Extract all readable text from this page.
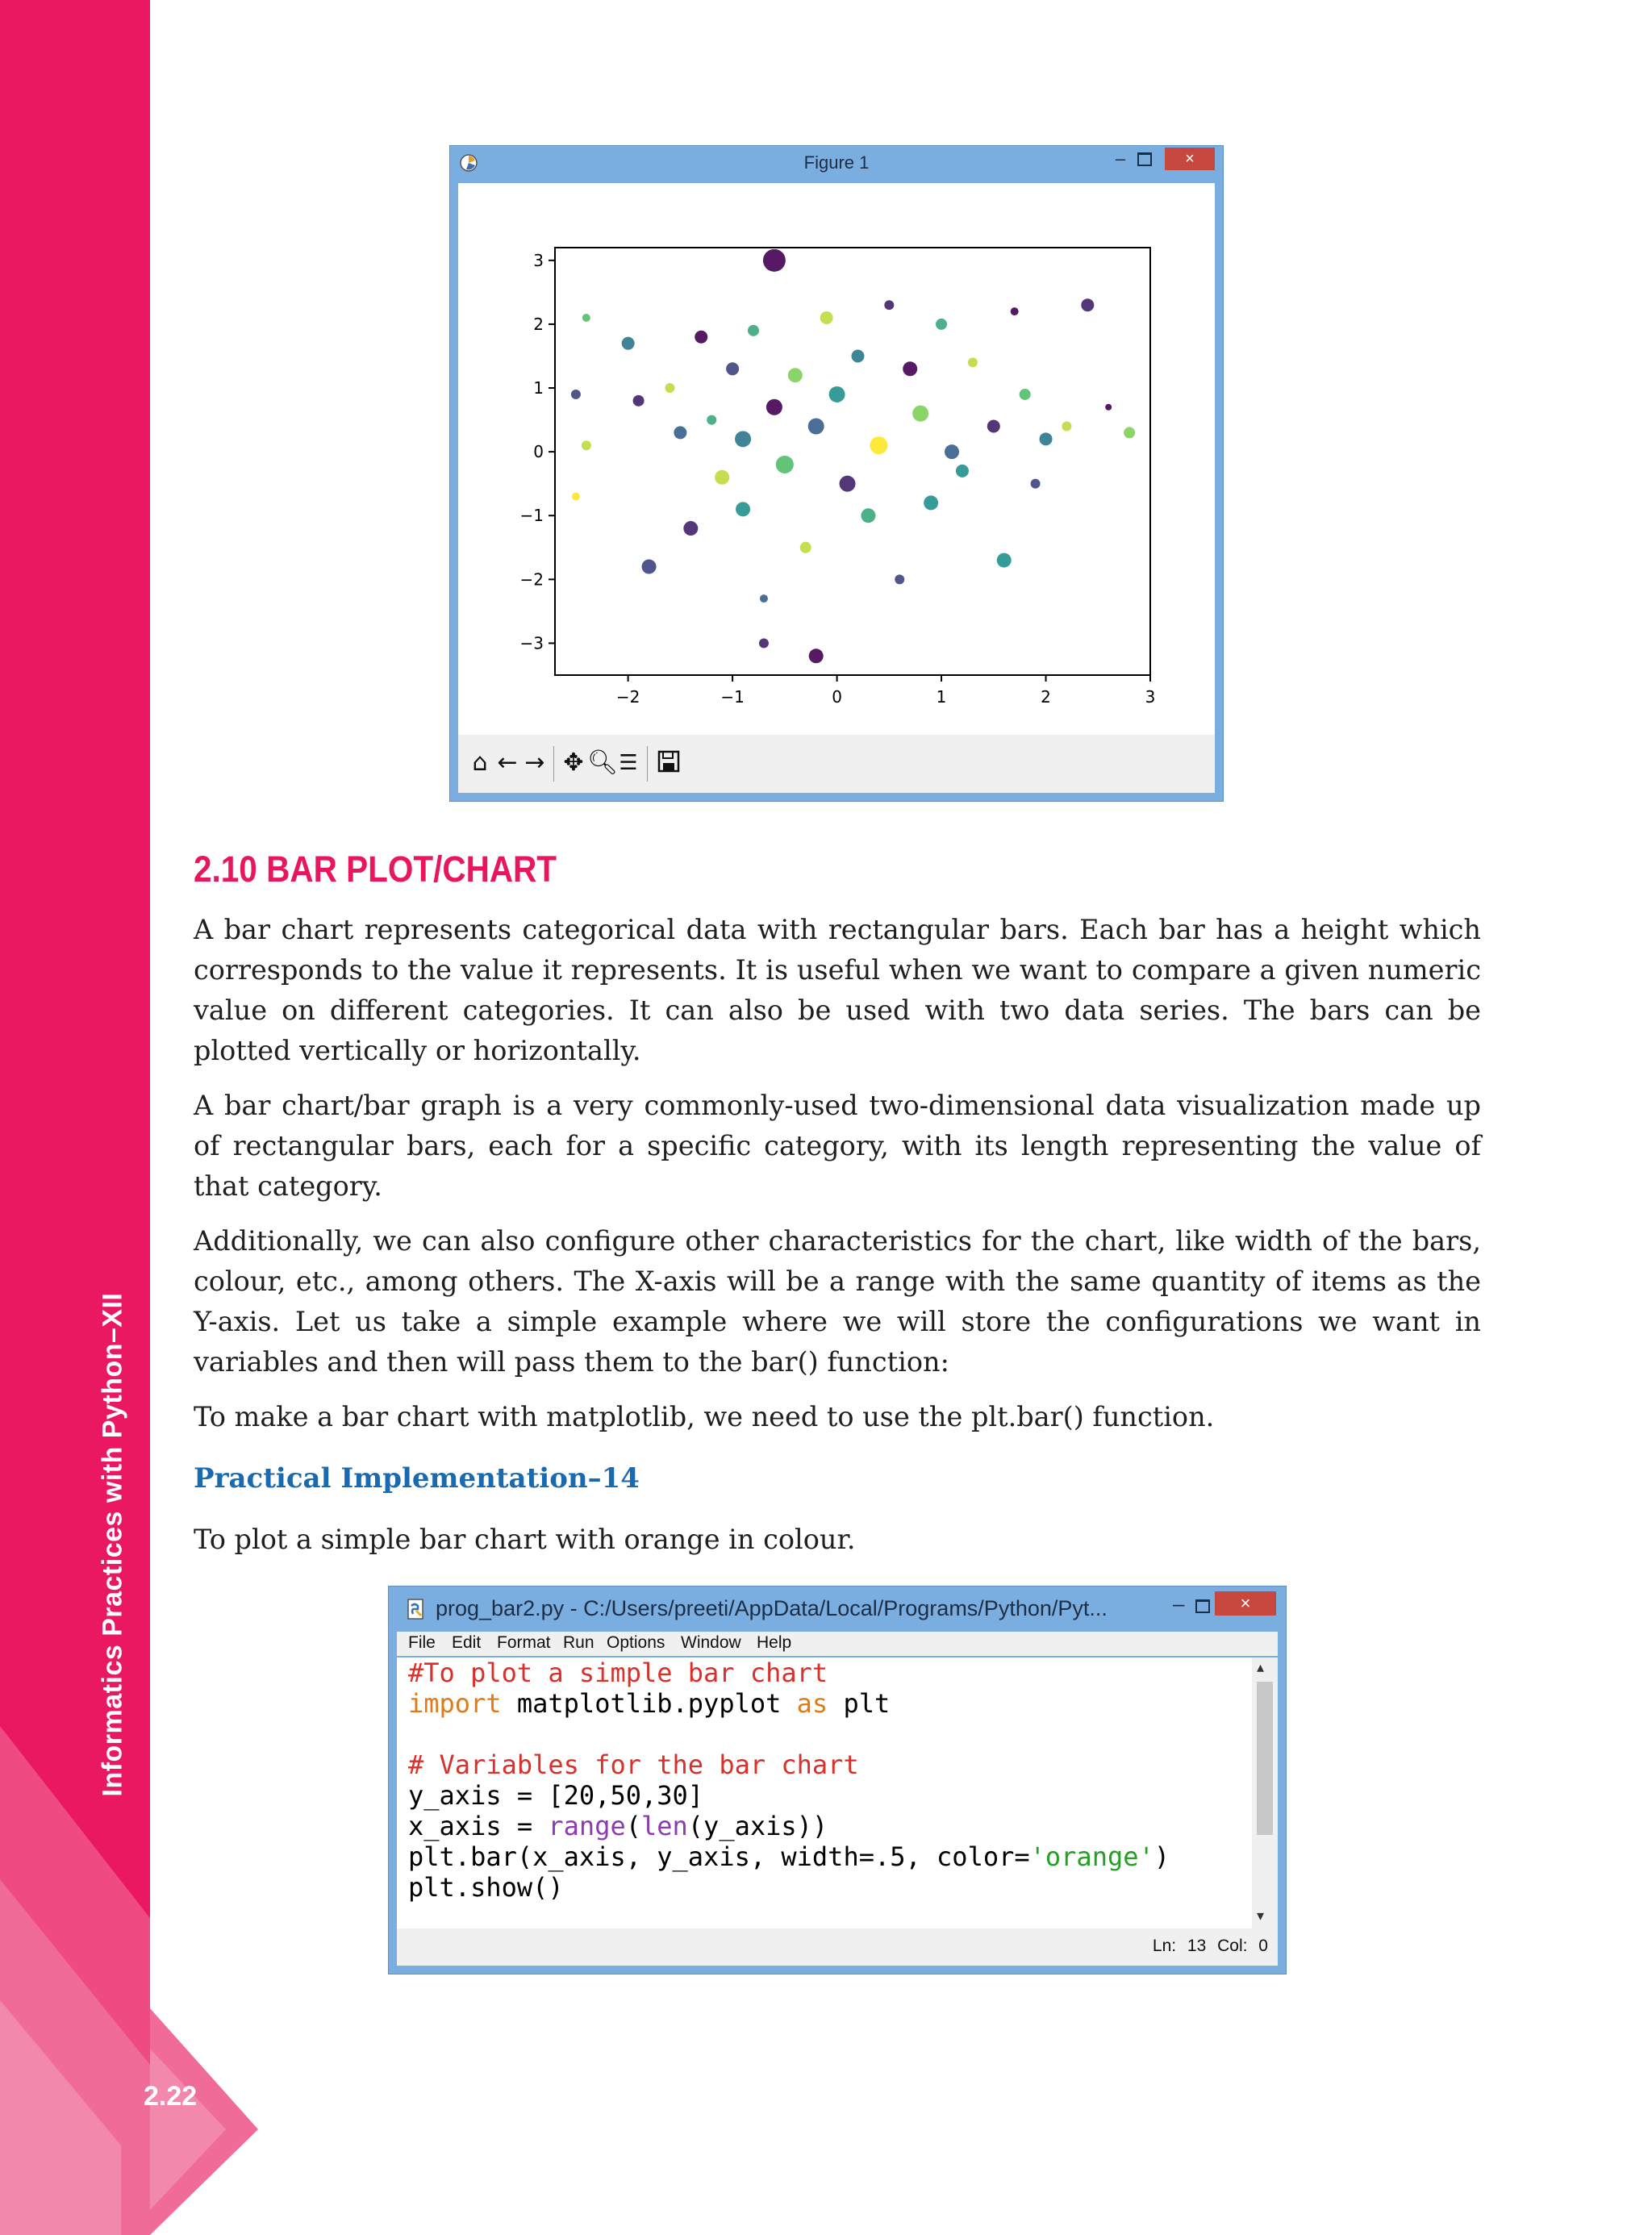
Informatics Practices with Python–XII
2.22
Figure 1	–	×
−2	−1	0	1	2	3
3
2
1
0
−1
−2
−3
⌂ ← → ✥ 🔍︎ ☰
2.10 BAR PLOT/CHART

A bar chart represents categorical data with rectangular bars. Each bar has a height which corresponds to the value it represents. It is useful when we want to compare a given numeric value on different categories. It can also be used with two data series. The bars can be plotted vertically or horizontally.

A bar chart/bar graph is a very commonly-used two-dimensional data visualization made up of rectangular bars, each for a specific category, with its length representing the value of that category.

Additionally, we can also configure other characteristics for the chart, like width of the bars, colour, etc., among others. The X-axis will be a range with the same quantity of items as the Y-axis. Let us take a simple example where we will store the configurations we want in variables and then will pass them to the bar() function:

To make a bar chart with matplotlib, we need to use the plt.bar() function.

Practical Implementation–14

To plot a simple bar chart with orange in colour.

prog_bar2.py - C:/Users/preeti/AppData/Local/Programs/Python/Pyt...	–	×
File Edit Format Run Options Window Help
#To plot a simple bar chart
import matplotlib.pyplot as plt
# Variables for the bar chart
y_axis = [20,50,30]
x_axis = range(len(y_axis))
plt.bar(x_axis, y_axis, width=.5, color='orange')
plt.show()
▴
▾
Ln: 13 Col: 0
